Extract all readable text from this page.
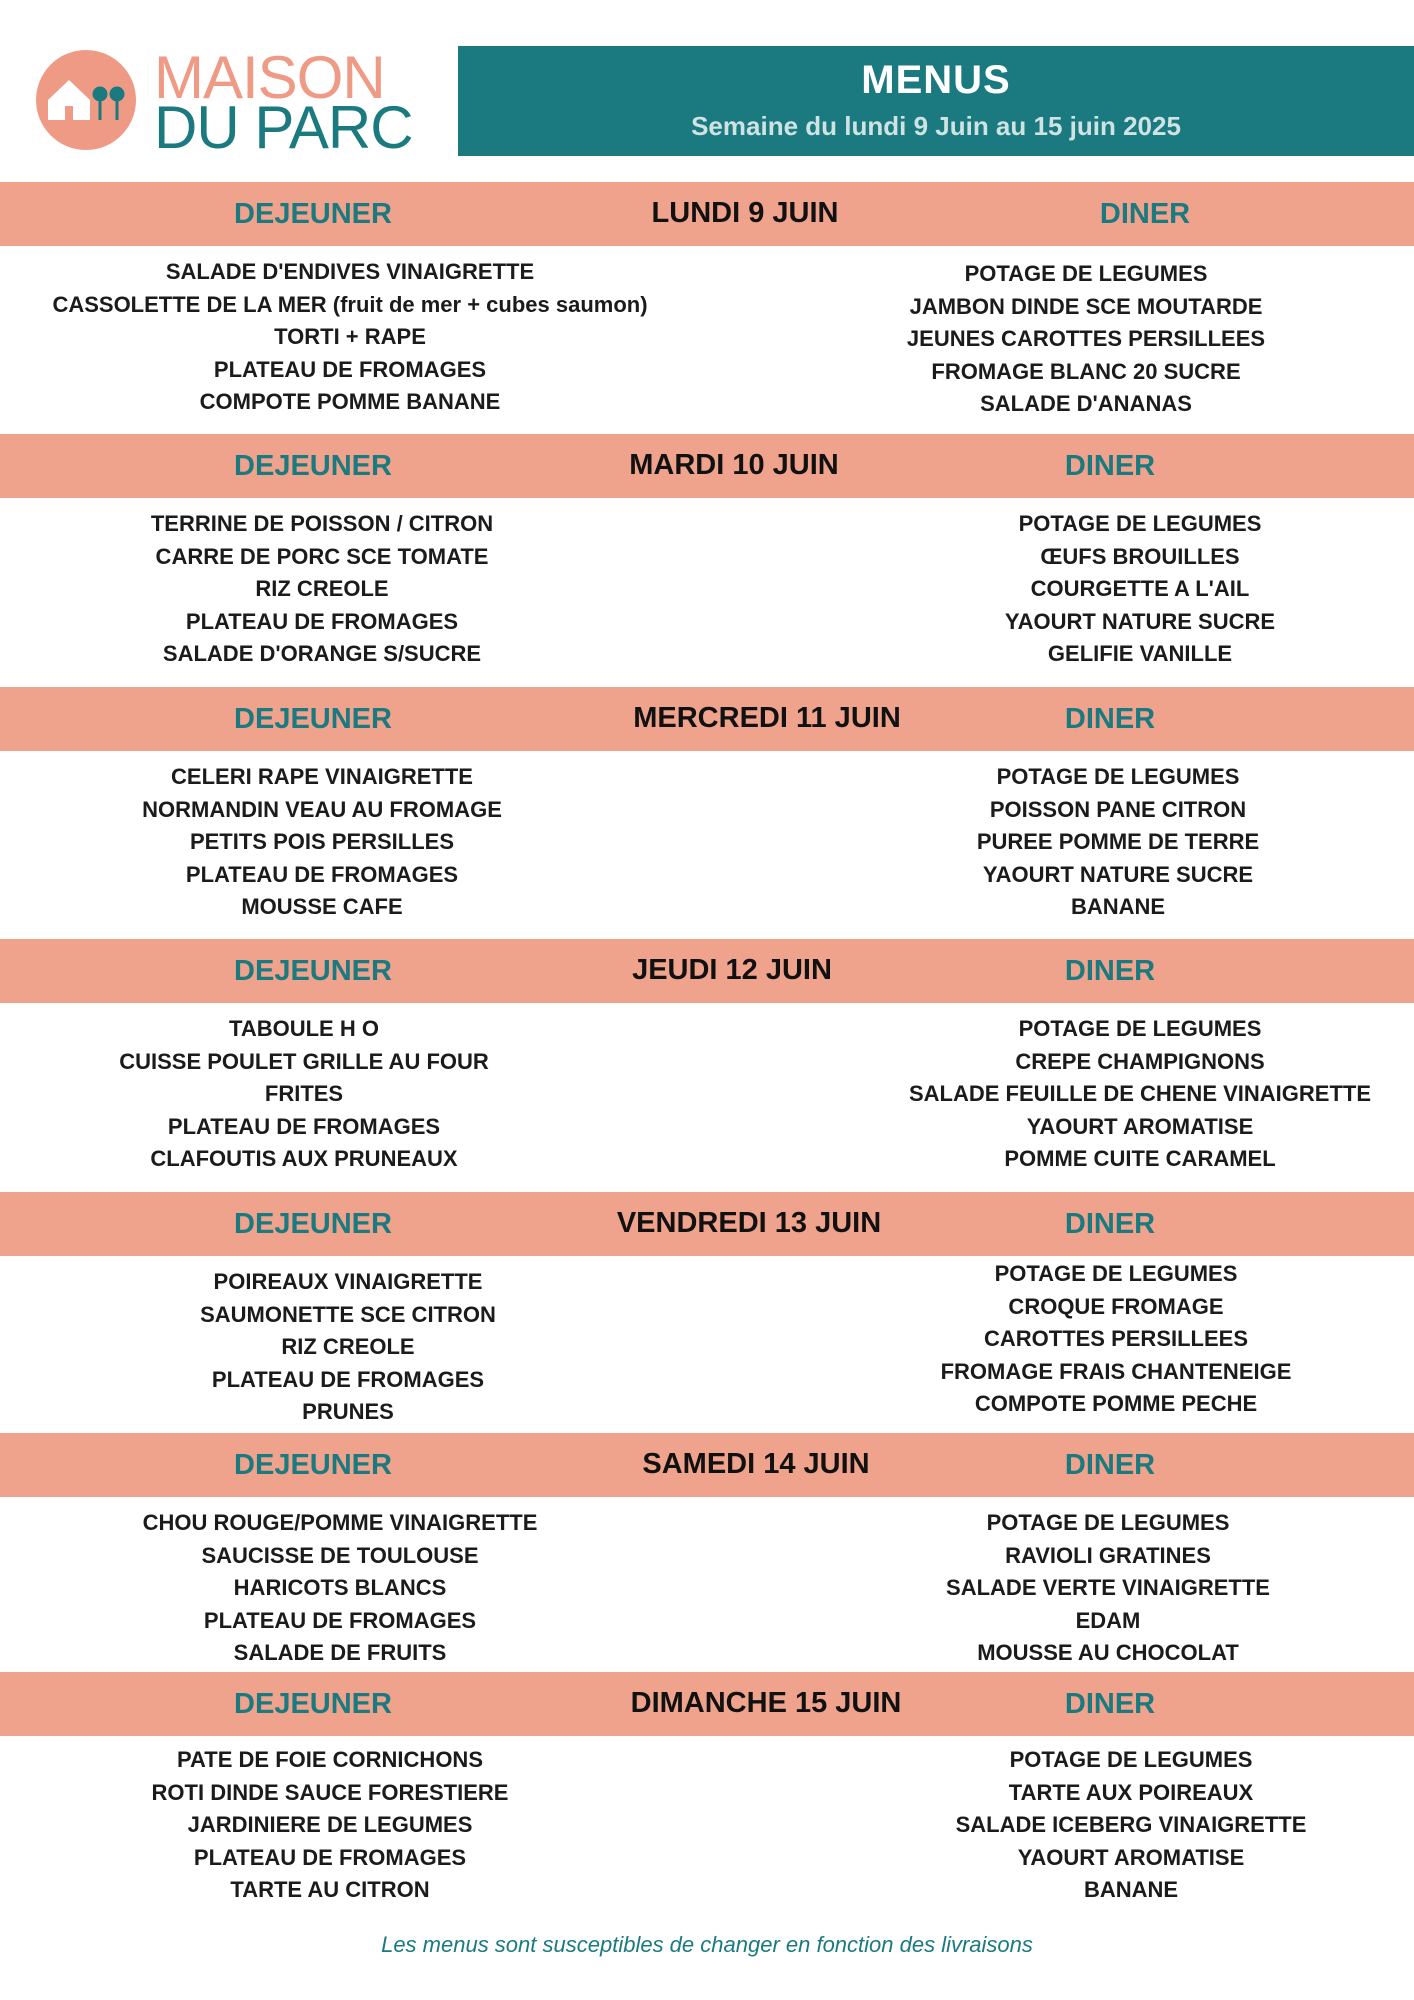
MAISON
DU PARC
MENUS
Semaine du lundi 9 Juin au 15 juin 2025
DEJEUNER	LUNDI 9 JUIN	DINER
SALADE D'ENDIVES VINAIGRETTE
CASSOLETTE DE LA MER (fruit de mer + cubes saumon)
TORTI + RAPE
PLATEAU DE FROMAGES
COMPOTE POMME BANANE
POTAGE DE LEGUMES
JAMBON DINDE SCE MOUTARDE
JEUNES CAROTTES PERSILLEES
FROMAGE BLANC 20 SUCRE
SALADE D'ANANAS
DEJEUNER	MARDI 10 JUIN	DINER
TERRINE DE POISSON / CITRON
CARRE DE PORC SCE TOMATE
RIZ CREOLE
PLATEAU DE FROMAGES
SALADE D'ORANGE S/SUCRE
POTAGE DE LEGUMES
ŒUFS BROUILLES
COURGETTE A L'AIL
YAOURT NATURE SUCRE
GELIFIE VANILLE
DEJEUNER	MERCREDI 11 JUIN	DINER
CELERI RAPE VINAIGRETTE
NORMANDIN VEAU AU FROMAGE
PETITS POIS PERSILLES
PLATEAU DE FROMAGES
MOUSSE CAFE
POTAGE DE LEGUMES
POISSON PANE CITRON
PUREE POMME DE TERRE
YAOURT NATURE SUCRE
BANANE
DEJEUNER	JEUDI 12 JUIN	DINER
TABOULE H O
CUISSE POULET GRILLE AU FOUR
FRITES
PLATEAU DE FROMAGES
CLAFOUTIS AUX PRUNEAUX
POTAGE DE LEGUMES
CREPE CHAMPIGNONS
SALADE FEUILLE DE CHENE VINAIGRETTE
YAOURT AROMATISE
POMME CUITE CARAMEL
DEJEUNER	VENDREDI 13 JUIN	DINER
POIREAUX VINAIGRETTE
SAUMONETTE SCE CITRON
RIZ CREOLE
PLATEAU DE FROMAGES
PRUNES
POTAGE DE LEGUMES
CROQUE FROMAGE
CAROTTES PERSILLEES
FROMAGE FRAIS CHANTENEIGE
COMPOTE POMME PECHE
DEJEUNER	SAMEDI 14 JUIN	DINER
CHOU ROUGE/POMME VINAIGRETTE
SAUCISSE DE TOULOUSE
HARICOTS BLANCS
PLATEAU DE FROMAGES
SALADE DE FRUITS
POTAGE DE LEGUMES
RAVIOLI GRATINES
SALADE VERTE VINAIGRETTE
EDAM
MOUSSE AU CHOCOLAT
DEJEUNER	DIMANCHE 15 JUIN	DINER
PATE DE FOIE CORNICHONS
ROTI DINDE SAUCE FORESTIERE
JARDINIERE DE LEGUMES
PLATEAU DE FROMAGES
TARTE AU CITRON
POTAGE DE LEGUMES
TARTE AUX POIREAUX
SALADE ICEBERG VINAIGRETTE
YAOURT AROMATISE
BANANE
Les menus sont susceptibles de changer en fonction des livraisons
